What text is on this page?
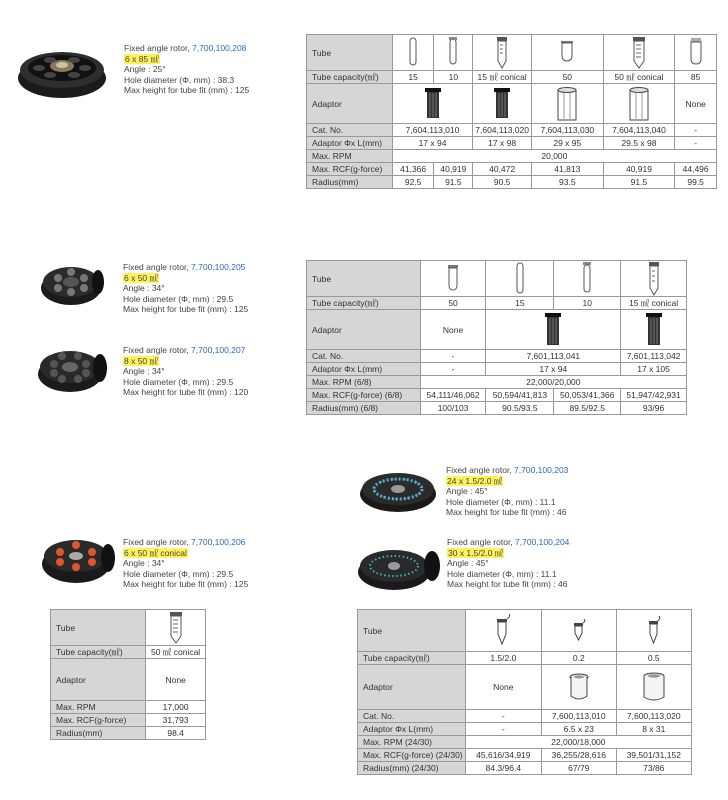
Fixed angle rotor, 7,700,100,208
6 x 85 ㎖
Angle : 25°
Hole diameter (Φ, mm) : 38.3
Max height for tube fit (mm) : 125
Fixed angle rotor, 7,700,100,205
6 x 50 ㎖
Angle : 34°
Hole diameter (Φ, mm) : 29.5
Max height for tube fit (mm) : 125
Fixed angle rotor, 7,700,100,207
8 x 50 ㎖
Angle : 34°
Hole diameter (Φ, mm) : 29.5
Max height for tube fit (mm) : 120
Fixed angle rotor, 7,700,100,203
24 x 1.5/2.0 ㎖
Angle : 45°
Hole diameter (Φ, mm) : 11.1
Max height for tube fit (mm) : 46
Fixed angle rotor, 7,700,100,206
6 x 50 ㎖ conical
Angle : 34°
Hole diameter (Φ, mm) : 29.5
Max height for tube fit (mm) : 125
Fixed angle rotor, 7,700,100,204
30 x 1.5/2.0 ㎖
Angle : 45°
Hole diameter (Φ, mm) : 11.1
Max height for tube fit (mm) : 46
Tube						
Tube capacity(㎖)	15	10	15 ㎖ conical	50	50 ㎖ conical	85
Adaptor						None
Cat. No.	7,604,113,010		7,604,113,020	7,604,113,030	7,604,113,040	-
Adaptor Φx L(mm)	17 x 94		17 x 98	29 x 95	29.5 x 98	-
Max. RPM	20,000					
Max. RCF(g-force)	41,366	40,919	40,472	41,813	40,919	44,496
Radius(mm)	92.5	91.5	90.5	93.5	91.5	99.5
Tube				
Tube capacity(㎖)	50	15	10	15 ㎖ conical
Adaptor	None		
Cat. No.	-	7,601,113,041		7,601,113,042
Adaptor Φx L(mm)	-	17 x 94		17 x 105
Max. RPM (6/8)	22,000/20,000			
Max. RCF(g-force) (6/8)	54,111/46,062	50,594/41,813	50,053/41,366	51,947/42,931
Radius(mm) (6/8)	100/103	90.5/93.5	89.5/92.5	93/96
Tube	
Tube capacity(㎖)	50 ㎖ conical
Adaptor	None
Max. RPM	17,000
Max. RCF(g-force)	31,793
Radius(mm)	98.4
Tube			
Tube capacity(㎖)	1.5/2.0	0.2	0.5
Adaptor	None		
Cat. No.	-	7,600,113,010	7,600,113,020
Adaptor Φx L(mm)	-	6.5 x 23	8 x 31
Max. RPM (24/30)	22,000/18,000		
Max. RCF(g-force) (24/30)	45,616/34,919	36,255/28,616	39,501/31,152
Radius(mm) (24/30)	84.3/96.4	67/79	73/86
